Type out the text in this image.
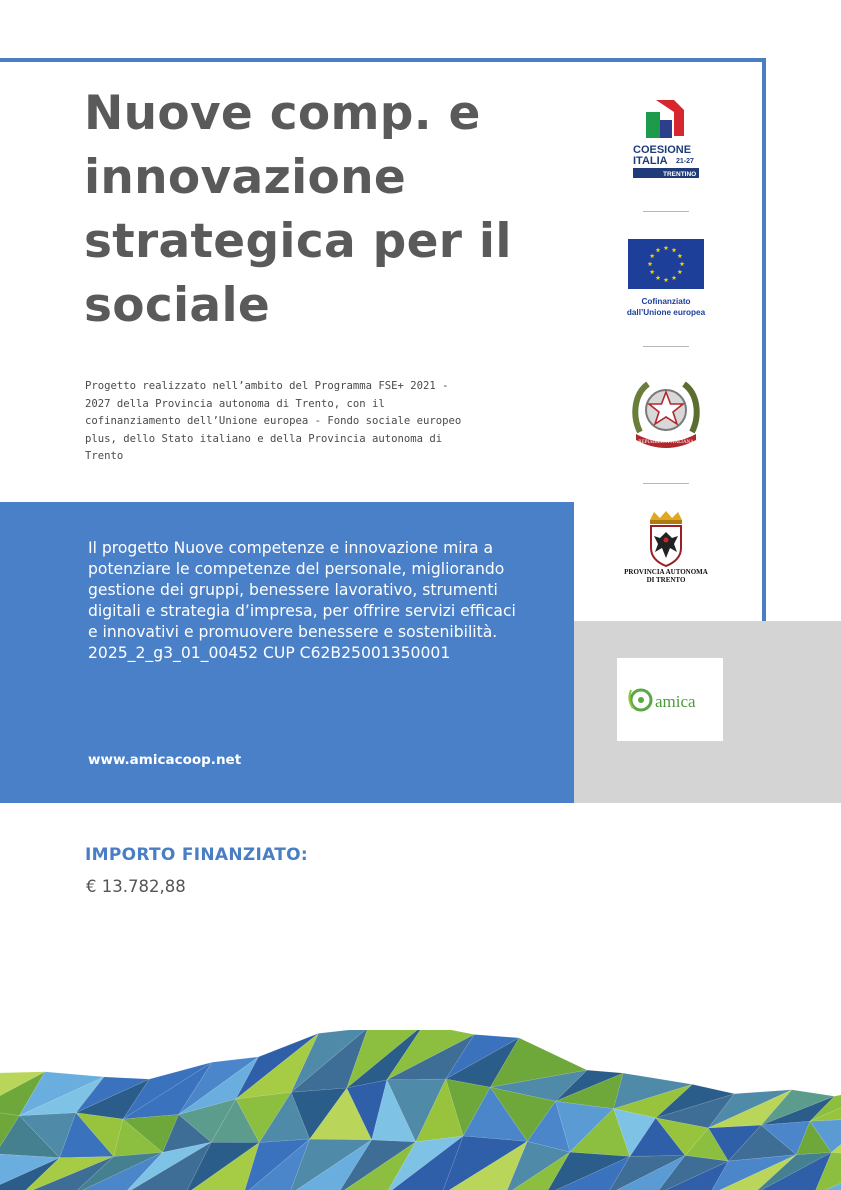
Nuove comp. e innovazione strategica per il sociale

Progetto realizzato nell’ambito del Programma FSE+ 2021 - 2027 della Provincia autonoma di Trento, con il cofinanziamento dell’Unione europea - Fondo sociale europeo plus, dello Stato italiano e della Provincia autonoma di Trento

Il progetto Nuove competenze e innovazione mira a potenziare le competenze del personale, migliorando gestione dei gruppi, benessere lavorativo, strumenti digitali e strategia d’impresa, per offrire servizi efficaci e innovativi e promuovere benessere e sostenibilità. 2025_2_g3_01_00452 CUP C62B25001350001

www.amicacoop.net

COESIONE
ITALIA 21-27
TRENTINO
Cofinanziato
dall’Unione europea
REPUBBLICA ITALIANA
PROVINCIA AUTONOMA
DI TRENTO
amica

IMPORTO FINANZIATO:

€ 13.782,88
